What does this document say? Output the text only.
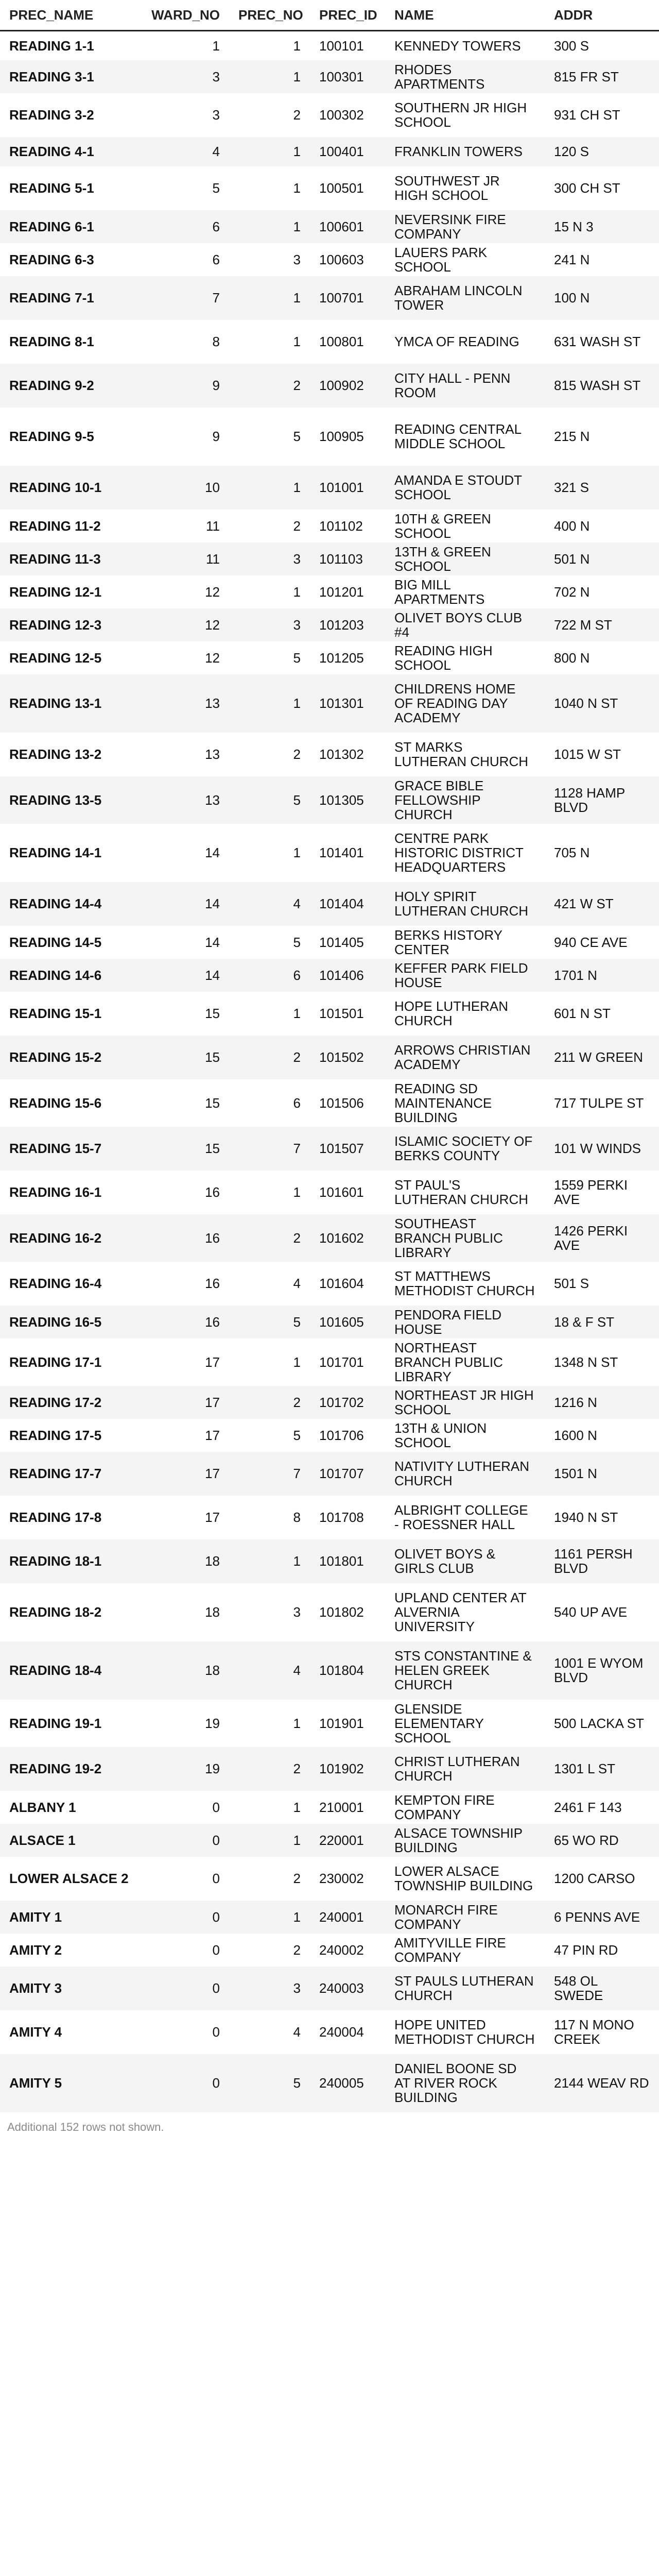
PREC_NAME	WARD_NO	PREC_NO	PREC_ID	NAME	ADDR
READING 1-1	1	1	100101	KENNEDY TOWERS	300 S
READING 3-1	3	1	100301	RHODES APARTMENTS	815 FR ST
READING 3-2	3	2	100302	SOUTHERN JR HIGH SCHOOL	931 CH ST
READING 4-1	4	1	100401	FRANKLIN TOWERS	120 S
READING 5-1	5	1	100501	SOUTHWEST JR HIGH SCHOOL	300 CH ST
READING 6-1	6	1	100601	NEVERSINK FIRE COMPANY	15 N 3
READING 6-3	6	3	100603	LAUERS PARK SCHOOL	241 N
READING 7-1	7	1	100701	ABRAHAM LINCOLN TOWER	100 N
READING 8-1	8	1	100801	YMCA OF READING	631 WASH ST
READING 9-2	9	2	100902	CITY HALL - PENN ROOM	815 WASH ST
READING 9-5	9	5	100905	READING CENTRAL MIDDLE SCHOOL	215 N
READING 10-1	10	1	101001	AMANDA E STOUDT SCHOOL	321 S
READING 11-2	11	2	101102	10TH & GREEN SCHOOL	400 N
READING 11-3	11	3	101103	13TH & GREEN SCHOOL	501 N
READING 12-1	12	1	101201	BIG MILL APARTMENTS	702 N
READING 12-3	12	3	101203	OLIVET BOYS CLUB #4	722 M ST
READING 12-5	12	5	101205	READING HIGH SCHOOL	800 N
READING 13-1	13	1	101301	CHILDRENS HOME OF READING DAY ACADEMY	1040 N ST
READING 13-2	13	2	101302	ST MARKS LUTHERAN CHURCH	1015 W ST
READING 13-5	13	5	101305	GRACE BIBLE FELLOWSHIP CHURCH	1128 HAMP BLVD
READING 14-1	14	1	101401	CENTRE PARK HISTORIC DISTRICT HEADQUARTERS	705 N
READING 14-4	14	4	101404	HOLY SPIRIT LUTHERAN CHURCH	421 W ST
READING 14-5	14	5	101405	BERKS HISTORY CENTER	940 CE AVE
READING 14-6	14	6	101406	KEFFER PARK FIELD HOUSE	1701 N
READING 15-1	15	1	101501	HOPE LUTHERAN CHURCH	601 N ST
READING 15-2	15	2	101502	ARROWS CHRISTIAN ACADEMY	211 W GREEN
READING 15-6	15	6	101506	READING SD MAINTENANCE BUILDING	717 TULPE ST
READING 15-7	15	7	101507	ISLAMIC SOCIETY OF BERKS COUNTY	101 W WINDS
READING 16-1	16	1	101601	ST PAUL'S LUTHERAN CHURCH	1559 PERKI AVE
READING 16-2	16	2	101602	SOUTHEAST BRANCH PUBLIC LIBRARY	1426 PERKI AVE
READING 16-4	16	4	101604	ST MATTHEWS METHODIST CHURCH	501 S
READING 16-5	16	5	101605	PENDORA FIELD HOUSE	18 & F ST
READING 17-1	17	1	101701	NORTHEAST BRANCH PUBLIC LIBRARY	1348 N ST
READING 17-2	17	2	101702	NORTHEAST JR HIGH SCHOOL	1216 N
READING 17-5	17	5	101706	13TH & UNION SCHOOL	1600 N
READING 17-7	17	7	101707	NATIVITY LUTHERAN CHURCH	1501 N
READING 17-8	17	8	101708	ALBRIGHT COLLEGE - ROESSNER HALL	1940 N ST
READING 18-1	18	1	101801	OLIVET BOYS & GIRLS CLUB	1161 PERSH BLVD
READING 18-2	18	3	101802	UPLAND CENTER AT ALVERNIA UNIVERSITY	540 UP AVE
READING 18-4	18	4	101804	STS CONSTANTINE & HELEN GREEK CHURCH	1001 E WYOM BLVD
READING 19-1	19	1	101901	GLENSIDE ELEMENTARY SCHOOL	500 LACKA ST
READING 19-2	19	2	101902	CHRIST LUTHERAN CHURCH	1301 L ST
ALBANY 1	0	1	210001	KEMPTON FIRE COMPANY	2461 F 143
ALSACE 1	0	1	220001	ALSACE TOWNSHIP BUILDING	65 WO RD
LOWER ALSACE 2	0	2	230002	LOWER ALSACE TOWNSHIP BUILDING	1200 CARSO
AMITY 1	0	1	240001	MONARCH FIRE COMPANY	6 PENNS AVE
AMITY 2	0	2	240002	AMITYVILLE FIRE COMPANY	47 PIN RD
AMITY 3	0	3	240003	ST PAULS LUTHERAN CHURCH	548 OL SWEDE
AMITY 4	0	4	240004	HOPE UNITED METHODIST CHURCH	117 N MONO CREEK
AMITY 5	0	5	240005	DANIEL BOONE SD AT RIVER ROCK BUILDING	2144 WEAV RD
Additional 152 rows not shown.
